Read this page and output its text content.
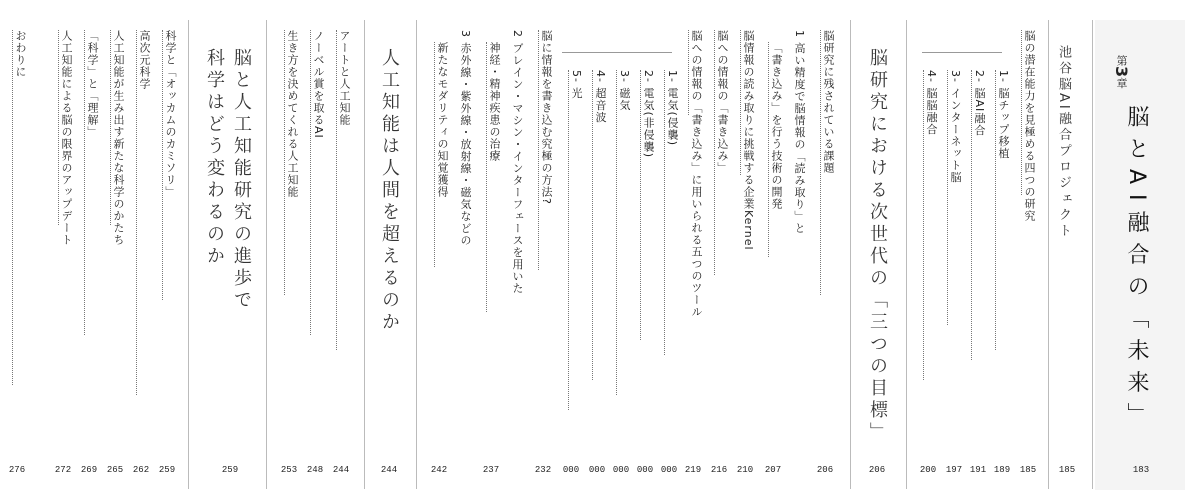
第3章
脳とAI融合の「未来」
183
池谷脳AI融合プロジェクト
185
脳の潜在能力を見極める四つの研究
185
1- 脳チップ移植
189
2- 脳AI融合
191
3- インターネット脳
197
4- 脳脳融合
200
脳研究における次世代の「三つの目標」
206
脳研究に残されている課題
206
1 高い精度で脳情報の「読み取り」と
「書き込み」を行う技術の開発
207
脳情報の読み取りに挑戦する企業Kernel
210
脳への情報の「書き込み」
216
脳への情報の「書き込み」に用いられる五つのツール
219
1- 電気(侵襲)
000
2- 電気(非侵襲)
000
3- 磁気
000
4- 超音波
000
5- 光
000
脳に情報を書き込む究極の方法?
232
2 ブレイン・マシン・インターフェースを用いた
神経・精神疾患の治療
237
3 赤外線・紫外線・放射線・磁気などの
新たなモダリティの知覚獲得
242
人工知能は人間を超えるのか
244
アートと人工知能
244
ノーベル賞を取るAI
248
生き方を決めてくれる人工知能
253
脳と人工知能研究の進歩で
科学はどう変わるのか
259
科学と「オッカムのカミソリ」
259
高次元科学
262
人工知能が生み出す新たな科学のかたち
265
「科学」と「理解」
269
人工知能による脳の限界のアップデート
272
おわりに
276
